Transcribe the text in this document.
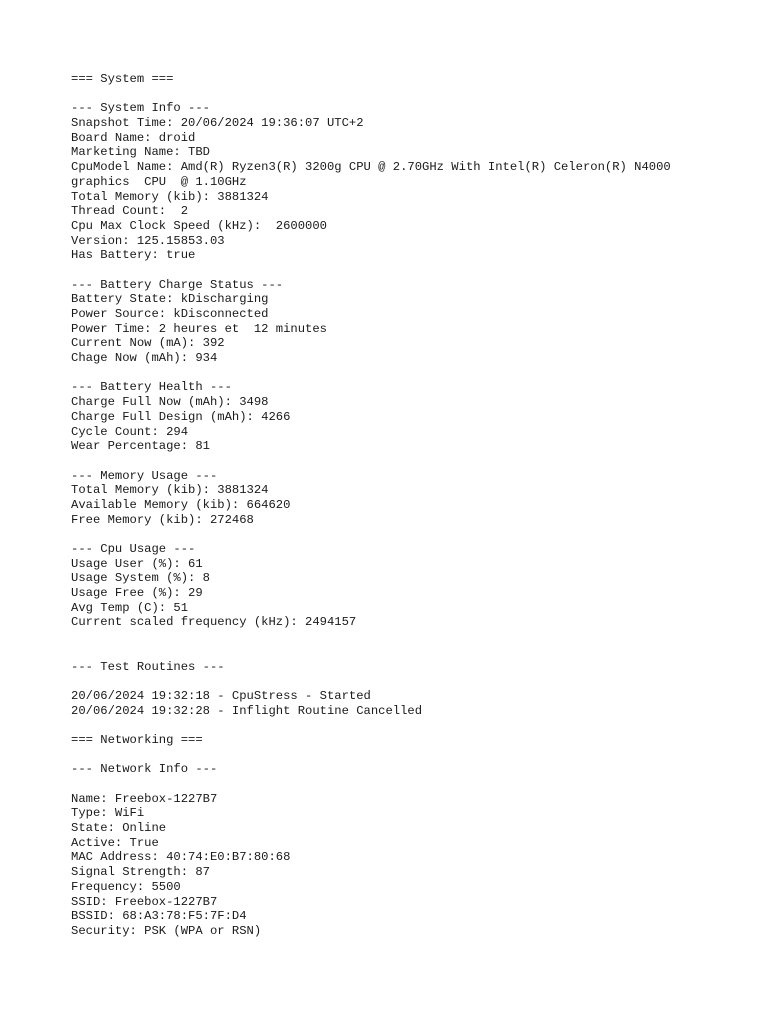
=== System ===
--- System Info ---
Snapshot Time: 20/06/2024 19:36:07 UTC+2
Board Name: droid
Marketing Name: TBD
CpuModel Name: Amd(R) Ryzen3(R) 3200g CPU @ 2.70GHz With Intel(R) Celeron(R) N4000
graphics  CPU  @ 1.10GHz
Total Memory (kib): 3881324
Thread Count:  2
Cpu Max Clock Speed (kHz):  2600000
Version: 125.15853.03
Has Battery: true
--- Battery Charge Status ---
Battery State: kDischarging
Power Source: kDisconnected
Power Time: 2 heures et  12 minutes
Current Now (mA): 392
Chage Now (mAh): 934
--- Battery Health ---
Charge Full Now (mAh): 3498
Charge Full Design (mAh): 4266
Cycle Count: 294
Wear Percentage: 81
--- Memory Usage ---
Total Memory (kib): 3881324
Available Memory (kib): 664620
Free Memory (kib): 272468
--- Cpu Usage ---
Usage User (%): 61
Usage System (%): 8
Usage Free (%): 29
Avg Temp (C): 51
Current scaled frequency (kHz): 2494157
--- Test Routines ---
20/06/2024 19:32:18 - CpuStress - Started
20/06/2024 19:32:28 - Inflight Routine Cancelled
=== Networking ===
--- Network Info ---
Name: Freebox-1227B7
Type: WiFi
State: Online
Active: True
MAC Address: 40:74:E0:B7:80:68
Signal Strength: 87
Frequency: 5500
SSID: Freebox-1227B7
BSSID: 68:A3:78:F5:7F:D4
Security: PSK (WPA or RSN)
